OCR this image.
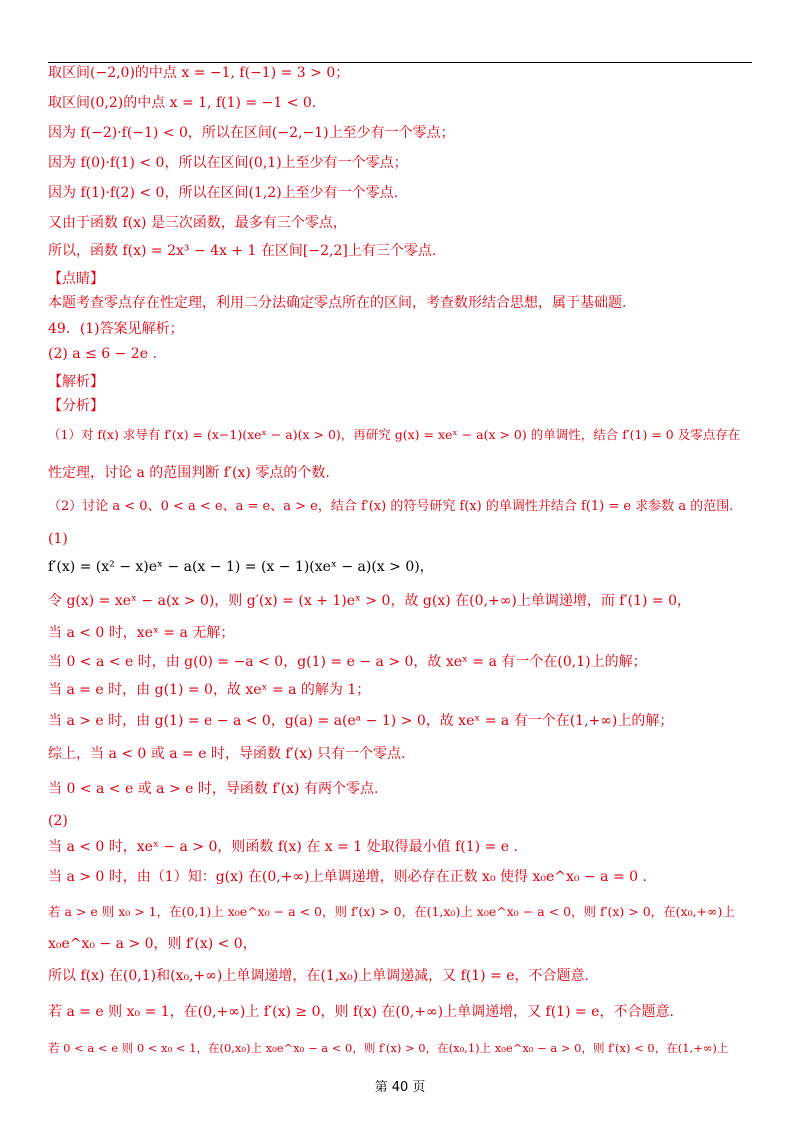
取区间(−2,0)的中点 x = −1, f(−1) = 3 > 0；
取区间(0,2)的中点 x = 1, f(1) = −1 < 0.
因为 f(−2)·f(−1) < 0，所以在区间(−2,−1)上至少有一个零点；
因为 f(0)·f(1) < 0，所以在区间(0,1)上至少有一个零点；
因为 f(1)·f(2) < 0，所以在区间(1,2)上至少有一个零点.
又由于函数 f(x) 是三次函数，最多有三个零点，
所以，函数 f(x) = 2x³ − 4x + 1 在区间[−2,2]上有三个零点.
【点睛】
本题考查零点存在性定理，利用二分法确定零点所在的区间，考查数形结合思想，属于基础题.
49．(1)答案见解析；
(2) a ≤ 6 − 2e .
【解析】
【分析】
（1）对 f(x) 求导有 f′(x) = (x−1)(xeˣ − a)(x > 0)，再研究 g(x) = xeˣ − a(x > 0) 的单调性，结合 f′(1) = 0 及零点存在
性定理，讨论 a 的范围判断 f′(x) 零点的个数.
（2）讨论 a < 0、0 < a < e、a = e、a > e，结合 f′(x) 的符号研究 f(x) 的单调性并结合 f(1) = e 求参数 a 的范围.
(1)
f′(x) = (x² − x)eˣ − a(x − 1) = (x − 1)(xeˣ − a)(x > 0)，
令 g(x) = xeˣ − a(x > 0)，则 g′(x) = (x + 1)eˣ > 0，故 g(x) 在(0,+∞)上单调递增，而 f′(1) = 0，
当 a < 0 时，xeˣ = a 无解；
当 0 < a < e 时，由 g(0) = −a < 0，g(1) = e − a > 0，故 xeˣ = a 有一个在(0,1)上的解；
当 a = e 时，由 g(1) = 0，故 xeˣ = a 的解为 1；
当 a > e 时，由 g(1) = e − a < 0，g(a) = a(eᵃ − 1) > 0，故 xeˣ = a 有一个在(1,+∞)上的解；
综上，当 a < 0 或 a = e 时，导函数 f′(x) 只有一个零点.
当 0 < a < e 或 a > e 时，导函数 f′(x) 有两个零点.
(2)
当 a < 0 时，xeˣ − a > 0，则函数 f(x) 在 x = 1 处取得最小值 f(1) = e .
当 a > 0 时，由（1）知：g(x) 在(0,+∞)上单调递增，则必存在正数 x₀ 使得 x₀e^x₀ − a = 0 .
若 a > e 则 x₀ > 1，在(0,1)上 x₀e^x₀ − a < 0，则 f′(x) > 0，在(1,x₀)上 x₀e^x₀ − a < 0，则 f′(x) > 0，在(x₀,+∞)上
x₀e^x₀ − a > 0，则 f′(x) < 0，
所以 f(x) 在(0,1)和(x₀,+∞)上单调递增，在(1,x₀)上单调递减，又 f(1) = e，不合题意.
若 a = e 则 x₀ = 1，在(0,+∞)上 f′(x) ≥ 0，则 f(x) 在(0,+∞)上单调递增，又 f(1) = e，不合题意.
若 0 < a < e 则 0 < x₀ < 1，在(0,x₀)上 x₀e^x₀ − a < 0，则 f′(x) > 0，在(x₀,1)上 x₀e^x₀ − a > 0，则 f′(x) < 0，在(1,+∞)上
第 40 页
